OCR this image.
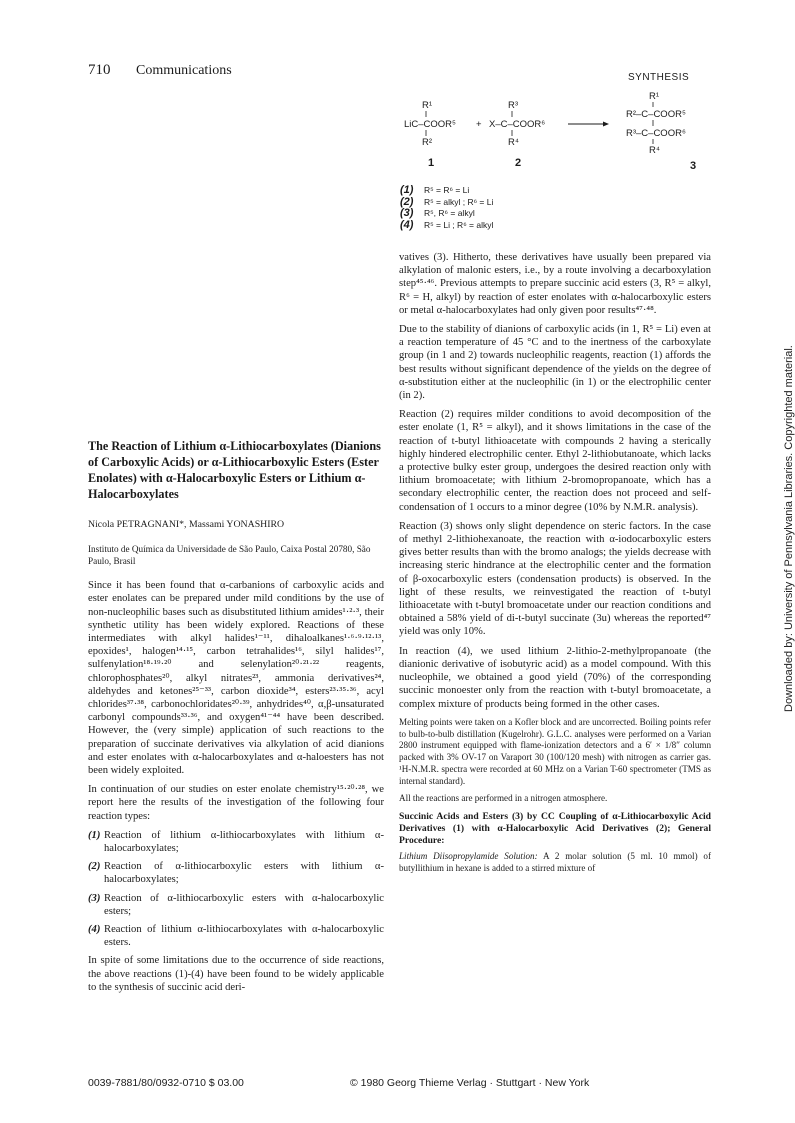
710 Communications	SYNTHESIS
Downloaded by: University of Pennsylvania Libraries. Copyrighted material.
R¹
LiC–COOR⁵
R²
1
+
R³
X–C–COOR⁶
R⁴
2
R¹
R²–C–COOR⁵
R³–C–COOR⁶
R⁴
3
(1) R⁵ = R⁶ = Li
(2) R⁵ = alkyl ; R⁶ = Li
(3) R⁵, R⁶ = alkyl
(4) R⁵ = Li ; R⁶ = alkyl
The Reaction of Lithium α-Lithiocarboxylates (Dianions of Carboxylic Acids) or α-Lithiocarboxylic Esters (Ester Enolates) with α-Halocarboxylic Esters or Lithium α-Halocarboxylates
Nicola PETRAGNANI*, Massami YONASHIRO
Instituto de Química da Universidade de São Paulo, Caixa Postal 20780, São Paulo, Brasil

Since it has been found that α-carbanions of carboxylic acids and ester enolates can be prepared under mild conditions by the use of non-nucleophilic bases such as disubstituted lithium amides¹·²·³, their synthetic utility has been widely explored. Reactions of these intermediates with alkyl halides¹⁻¹¹, dihaloalkanes¹·⁶·⁹·¹²·¹³, epoxides¹, halogen¹⁴·¹⁵, carbon tetrahalides¹⁶, silyl halides¹⁷, sulfenylation¹⁸·¹⁹·²⁰ and selenylation²⁰·²¹·²² reagents, chlorophosphates²⁰, alkyl nitrates²³, ammonia derivatives²⁴, aldehydes and ketones²⁵⁻³³, carbon dioxide³⁴, esters²³·³⁵·³⁶, acyl chlorides³⁷·³⁸, carbonochloridates²⁰·³⁹, anhydrides⁴⁰, α,β-unsaturated carbonyl compounds³³·³⁶, and oxygen⁴¹⁻⁴⁴ have been described. However, the (very simple) application of such reactions to the preparation of succinate derivatives via alkylation of acid dianions and ester enolates with α-halocarboxylates and α-haloesters has not been widely exploited.

In continuation of our studies on ester enolate chemistry¹⁵·²⁰·²⁸, we report here the results of the investigation of the following four reaction types:

(1) Reaction of lithium α-lithiocarboxylates with lithium α-halocarboxylates;
(2) Reaction of α-lithiocarboxylic esters with lithium α-halocarboxylates;
(3) Reaction of α-lithiocarboxylic esters with α-halocarboxylic esters;
(4) Reaction of lithium α-lithiocarboxylates with α-halocarboxylic esters.

In spite of some limitations due to the occurrence of side reactions, the above reactions (1)-(4) have been found to be widely applicable to the synthesis of succinic acid deri-

vatives (3). Hitherto, these derivatives have usually been prepared via alkylation of malonic esters, i.e., by a route involving a decarboxylation step⁴⁵·⁴⁶. Previous attempts to prepare succinic acid esters (3, R⁵ = alkyl, R⁶ = H, alkyl) by reaction of ester enolates with α-halocarboxylic esters or metal α-halocarboxylates had only given poor results⁴⁷·⁴⁸.

Due to the stability of dianions of carboxylic acids (in 1, R⁵ = Li) even at a reaction temperature of 45 °C and to the inertness of the carboxylate group (in 1 and 2) towards nucleophilic reagents, reaction (1) affords the best results without significant dependence of the yields on the degree of α-substitution either at the nucleophilic (in 1) or the electrophilic center (in 2).

Reaction (2) requires milder conditions to avoid decomposition of the ester enolate (1, R⁵ = alkyl), and it shows limitations in the case of the reaction of t-butyl lithioacetate with compounds 2 having a sterically highly hindered electrophilic center. Ethyl 2-lithiobutanoate, which lacks a protective bulky ester group, undergoes the desired reaction only with lithium bromoacetate; with lithium 2-bromopropanoate, which has a secondary electrophilic center, the reaction does not proceed and self-condensation of 1 occurs to a minor degree (10% by N.M.R. analysis).

Reaction (3) shows only slight dependence on steric factors. In the case of methyl 2-lithiohexanoate, the reaction with α-iodocarboxylic esters gives better results than with the bromo analogs; the yields decrease with increasing steric hindrance at the electrophilic center and the formation of β-oxocarboxylic esters (condensation products) is observed. In the light of these results, we reinvestigated the reaction of t-butyl lithioacetate with t-butyl bromoacetate under our reaction conditions and obtained a 58% yield of di-t-butyl succinate (3u) whereas the reported⁴⁷ yield was only 10%.

In reaction (4), we used lithium 2-lithio-2-methylpropanoate (the dianionic derivative of isobutyric acid) as a model compound. With this nucleophile, we obtained a good yield (70%) of the corresponding succinic monoester only from the reaction with t-butyl bromoacetate, a complex mixture of products being formed in the other cases.

Melting points were taken on a Kofler block and are uncorrected. Boiling points refer to bulb-to-bulb distillation (Kugelrohr). G.L.C. analyses were performed on a Varian 2800 instrument equipped with flame-ionization detectors and a 6′ × 1/8″ column packed with 3% OV-17 on Varaport 30 (100/120 mesh) with nitrogen as carrier gas. ¹H-N.M.R. spectra were recorded at 60 MHz on a Varian T-60 spectrometer (TMS as internal standard).

All the reactions are performed in a nitrogen atmosphere.

Succinic Acids and Esters (3) by CC Coupling of α-Lithiocarboxylic Acid Derivatives (1) with α-Halocarboxylic Acid Derivatives (2); General Procedure:

Lithium Diisopropylamide Solution: A 2 molar solution (5 ml. 10 mmol) of butyllithium in hexane is added to a stirred mixture of

0039-7881/80/0932-0710 $ 03.00	© 1980 Georg Thieme Verlag · Stuttgart · New York
